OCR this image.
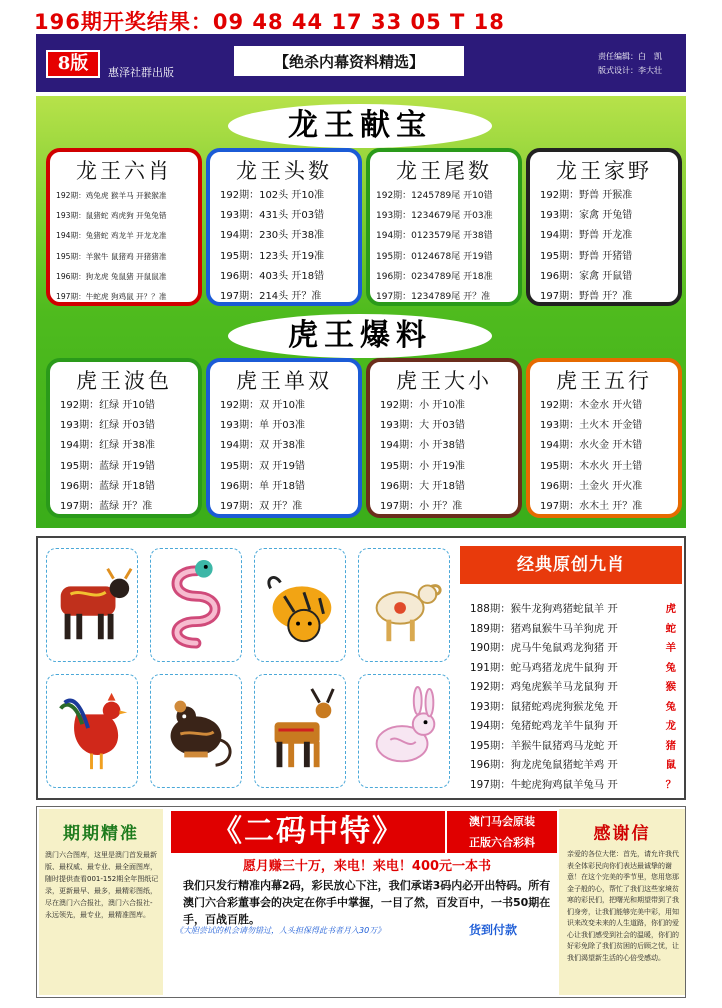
196期开奖结果：09 48 44 17 33 05 T 18
8版	惠泽社群出版
【绝杀内幕资料精选】	责任编辑：白　凯
版式设计：李大壮
龙王献宝
龙王六肖
192期：鸡兔虎 猴羊马 开猴猴准
193期：鼠猪蛇 鸡虎狗 开兔兔错
194期：兔猪蛇 鸡龙羊 开龙龙准
195期：羊猴牛 鼠猪鸡 开猪猪准
196期：狗龙虎 兔鼠猪 开鼠鼠准
197期：牛蛇虎 狗鸡鼠 开？？准
龙王头数
192期：102头 开10准
193期：431头 开03错
194期：230头 开38准
195期：123头 开19准
196期：403头 开18错
197期：214头 开？准
龙王尾数
192期：1245789尾 开10错
193期：1234679尾 开03准
194期：0123579尾 开38错
195期：0124678尾 开19错
196期：0234789尾 开18准
197期：1234789尾 开？准
龙王家野
192期：野兽 开猴准
193期：家禽 开兔错
194期：野兽 开龙准
195期：野兽 开猪错
196期：家禽 开鼠错
197期：野兽 开？准
虎王爆料
虎王波色
192期：红绿 开10错
193期：红绿 开03错
194期：红绿 开38准
195期：蓝绿 开19错
196期：蓝绿 开18错
197期：蓝绿 开？准
虎王单双
192期：双 开10准
193期：单 开03准
194期：双 开38准
195期：双 开19错
196期：单 开18错
197期：双 开？准
虎王大小
192期：小 开10准
193期：大 开03错
194期：小 开38错
195期：小 开19准
196期：大 开18错
197期：小 开？准
虎王五行
192期：木金水 开火错
193期：土火木 开金错
194期：水火金 开木错
195期：木水火 开土错
196期：土金火 开火准
197期：水木土 开？准
经典原创九肖
188期：猴牛龙狗鸡猪蛇鼠羊 开	虎
189期：猪鸡鼠猴牛马羊狗虎 开	蛇
190期：虎马牛兔鼠鸡龙狗猪 开	羊
191期：蛇马鸡猪龙虎牛鼠狗 开	兔
192期：鸡兔虎猴羊马龙鼠狗 开	猴
193期：鼠猪蛇鸡虎狗猴龙兔 开	兔
194期：兔猪蛇鸡龙羊牛鼠狗 开	龙
195期：羊猴牛鼠猪鸡马龙蛇 开	猪
196期：狗龙虎兔鼠猪蛇羊鸡 开	鼠
197期：牛蛇虎狗鸡鼠羊兔马 开	？
期期精准
澳门六合图库，这里是澳门首发最新版、最权威、最专业、最全面图库，随时提供查看001-152期全年图纸记录，更新最早、最多，最精彩图纸，尽在澳门六合报社，澳门六合报社-永远领先，最专业，最精准图库。
《二码中特》	澳门马会原装
正版六合彩料
愿月赚三十万，来电！来电！400元一本书
我们只发行精准内幕2码，彩民放心下注，我们承诺3码内必开出特码。所有澳门六合彩董事会的决定在你手中掌握，一目了然，百发百中，一书50期在手，百战百胜。
《大胆尝试的机会请勿错过，人头担保得此书者月入30万》	货到付款
感谢信
亲爱的各位大佬：首先，请允许我代表全体彩民向你们表达最诚挚的谢意！在这个完美的季节里，您用您那金子般的心，帮忙了我们这些家境贫寒的彩民们，把曙光和期望带到了我们身旁，让我们能够完美中彩，用知识来改变未来的人生道路，你们的爱心让我们感受到社会的温暖，你们的好彩免除了我们贫困的后顾之忧，让我们渴望新生活的心倍受感动。
